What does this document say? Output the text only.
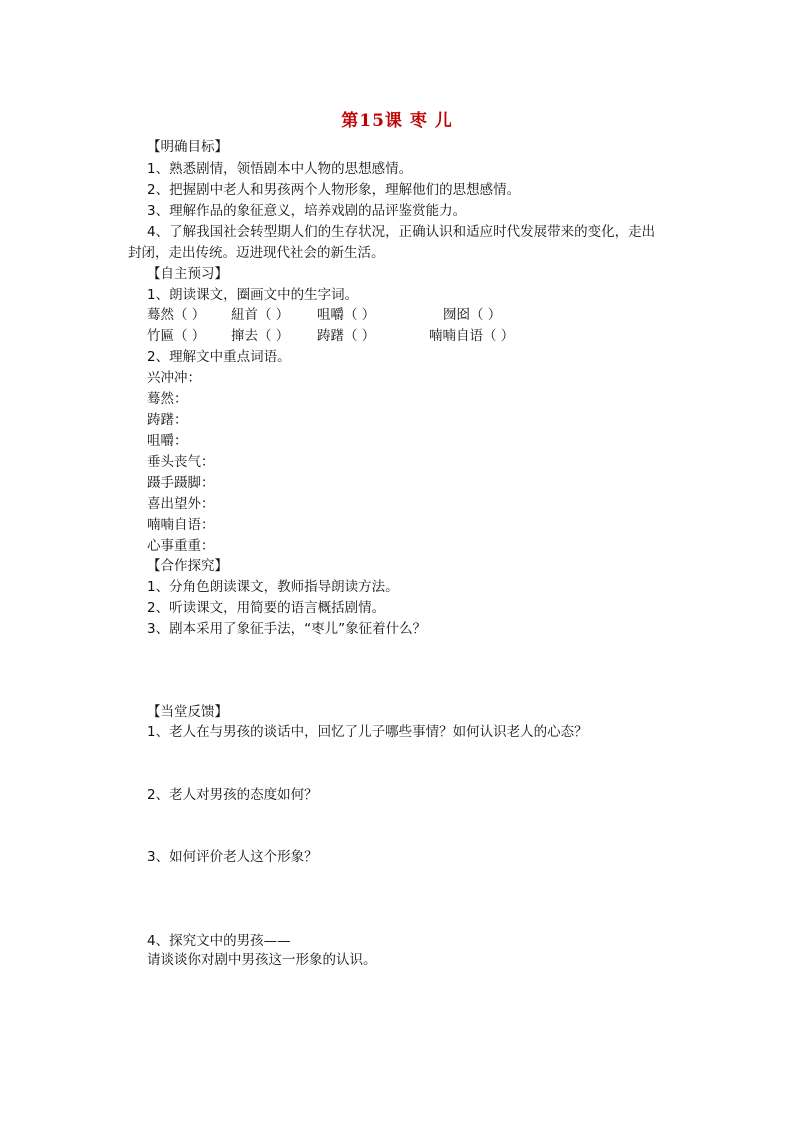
第15课 枣 儿
【明确目标】
1、熟悉剧情，领悟剧本中人物的思想感情。
2、把握剧中老人和男孩两个人物形象，理解他们的思想感情。
3、理解作品的象征意义，培养戏剧的品评鉴赏能力。
4、了解我国社会转型期人们的生存状况，正确认识和适应时代发展带来的变化，走出
封闭，走出传统。迈进现代社会的新生活。
【自主预习】
1、朗读课文，圈画文中的生字词。
蓦然（ ） 紐首（ ） 咀嚼（ ）	囫囵（ ）
竹匾（ ） 撺去（ ） 踌躇（ ）	喃喃自语（ ）
2、理解文中重点词语。
兴冲冲：
蓦然：
踌躇：
咀嚼：
垂头丧气：
蹑手蹑脚：
喜出望外：
喃喃自语：
心事重重：
【合作探究】
1、分角色朗读课文，教师指导朗读方法。
2、听读课文，用简要的语言概括剧情。
3、剧本采用了象征手法，“枣儿”象征着什么？
【当堂反馈】
1、老人在与男孩的谈话中，回忆了儿子哪些事情？如何认识老人的心态？
2、老人对男孩的态度如何？
3、如何评价老人这个形象？
4、探究文中的男孩——
请谈谈你对剧中男孩这一形象的认识。
